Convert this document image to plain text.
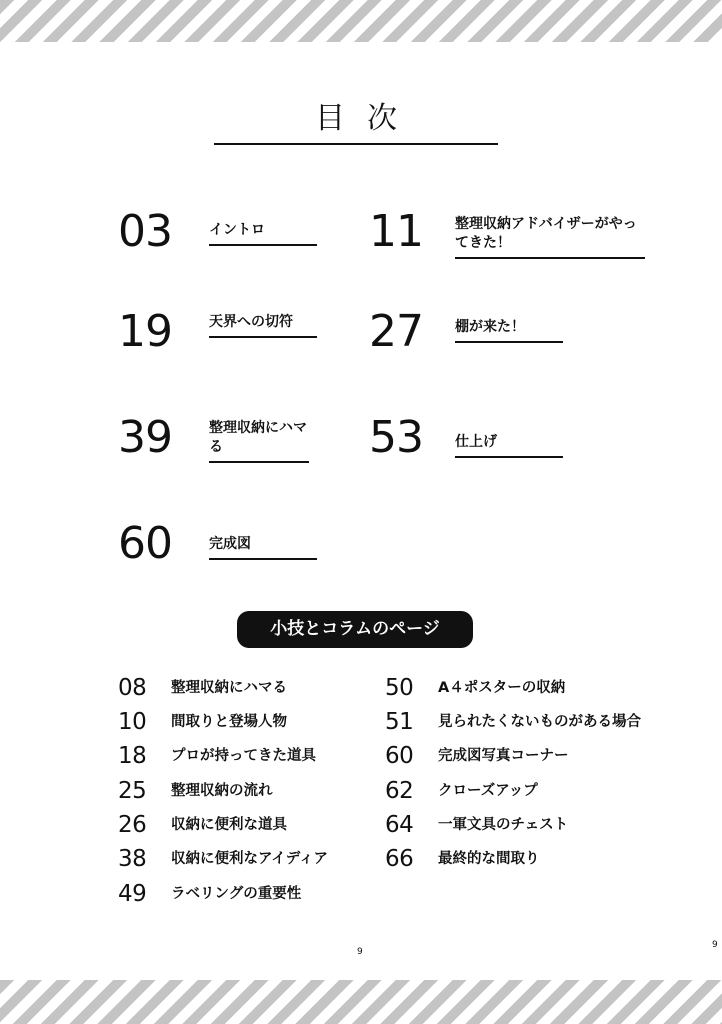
目次
03	イントロ	11 整理収納アドバイザーがやってきた！
19	天界への切符	27 棚が来た！
39	整理収納にハマる	53 仕上げ
60	完成図
小技とコラムのページ
08	整理収納にハマる
10	間取りと登場人物
18	プロが持ってきた道具
25	整理収納の流れ
26	収納に便利な道具
38	収納に便利なアイディア
49	ラベリングの重要性
50	A４ポスターの収納
51	見られたくないものがある場合
60	完成図写真コーナー
62	クローズアップ
64	一軍文具のチェスト
66	最終的な間取り
9
9
